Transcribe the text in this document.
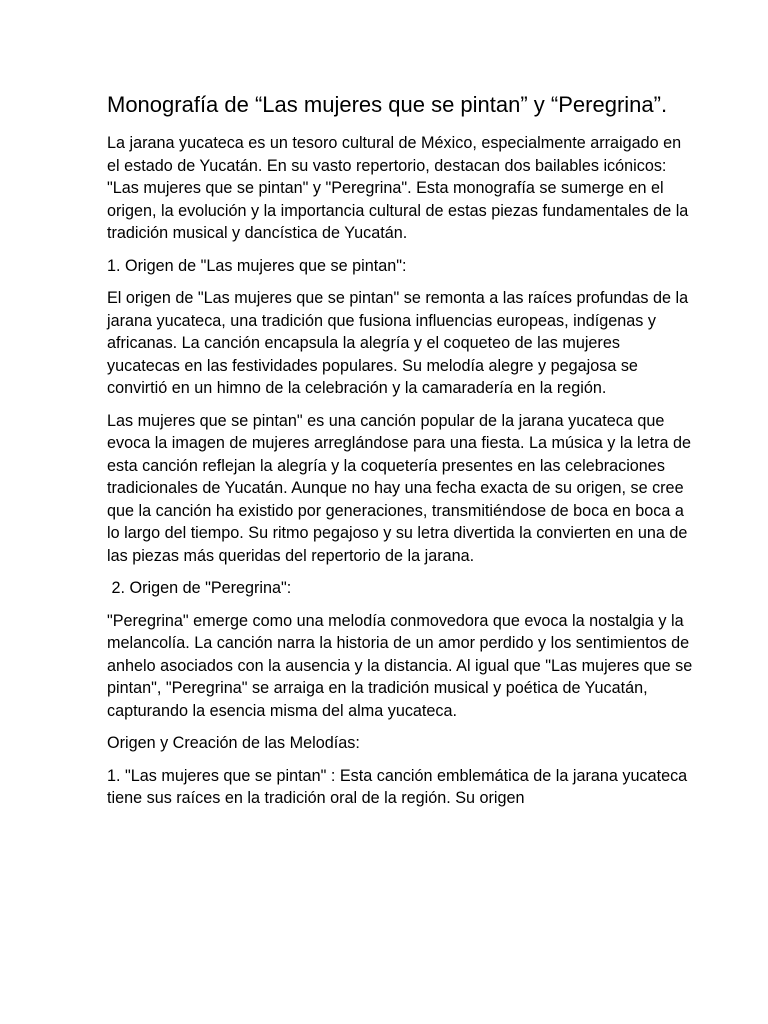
Monografía de “Las mujeres que se pintan” y “Peregrina”.

La jarana yucateca es un tesoro cultural de México, especialmente arraigado en el estado de Yucatán. En su vasto repertorio, destacan dos bailables icónicos: "Las mujeres que se pintan" y "Peregrina". Esta monografía se sumerge en el origen, la evolución y la importancia cultural de estas piezas fundamentales de la tradición musical y dancística de Yucatán.

1. Origen de "Las mujeres que se pintan":

El origen de "Las mujeres que se pintan" se remonta a las raíces profundas de la jarana yucateca, una tradición que fusiona influencias europeas, indígenas y africanas. La canción encapsula la alegría y el coqueteo de las mujeres yucatecas en las festividades populares. Su melodía alegre y pegajosa se convirtió en un himno de la celebración y la camaradería en la región.

Las mujeres que se pintan" es una canción popular de la jarana yucateca que evoca la imagen de mujeres arreglándose para una fiesta. La música y la letra de esta canción reflejan la alegría y la coquetería presentes en las celebraciones tradicionales de Yucatán. Aunque no hay una fecha exacta de su origen, se cree que la canción ha existido por generaciones, transmitiéndose de boca en boca a lo largo del tiempo. Su ritmo pegajoso y su letra divertida la convierten en una de las piezas más queridas del repertorio de la jarana.

2. Origen de "Peregrina":

"Peregrina" emerge como una melodía conmovedora que evoca la nostalgia y la melancolía. La canción narra la historia de un amor perdido y los sentimientos de anhelo asociados con la ausencia y la distancia. Al igual que "Las mujeres que se pintan", "Peregrina" se arraiga en la tradición musical y poética de Yucatán, capturando la esencia misma del alma yucateca.

Origen y Creación de las Melodías:

1. "Las mujeres que se pintan" : Esta canción emblemática de la jarana yucateca tiene sus raíces en la tradición oral de la región. Su origen
